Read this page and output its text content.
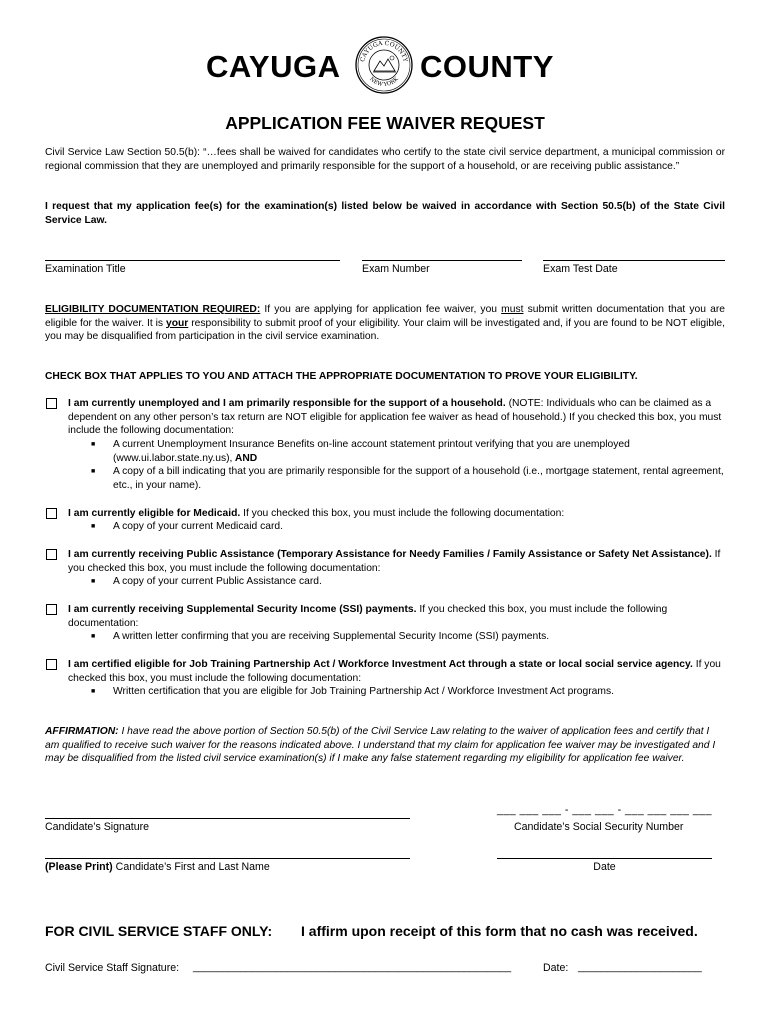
CAYUGA	CAYUGA COUNTY
NEW YORK COUNTY
APPLICATION FEE WAIVER REQUEST
Civil Service Law Section 50.5(b): “…fees shall be waived for candidates who certify to the state civil service department, a municipal commission or regional commission that they are unemployed and primarily responsible for the support of a household, or are receiving public assistance.”
I request that my application fee(s) for the examination(s) listed below be waived in accordance with Section 50.5(b) of the State Civil Service Law.
Examination Title	Exam Number	Exam Test Date
ELIGIBILITY DOCUMENTATION REQUIRED: If you are applying for application fee waiver, you must submit written documentation that you are eligible for the waiver. It is your responsibility to submit proof of your eligibility. Your claim will be investigated and, if you are found to be NOT eligible, you may be disqualified from participation in the civil service examination.
CHECK BOX THAT APPLIES TO YOU AND ATTACH THE APPROPRIATE DOCUMENTATION TO PROVE YOUR ELIGIBILITY.
I am currently unemployed and I am primarily responsible for the support of a household. (NOTE: Individuals who can be claimed as a dependent on any other person’s tax return are NOT eligible for application fee waiver as head of household.) If you checked this box, you must include the following documentation:
■ A current Unemployment Insurance Benefits on-line account statement printout verifying that you are unemployed (www.ui.labor.state.ny.us), AND
■ A copy of a bill indicating that you are primarily responsible for the support of a household (i.e., mortgage statement, rental agreement, etc., in your name).
I am currently eligible for Medicaid. If you checked this box, you must include the following documentation:
■ A copy of your current Medicaid card.
I am currently receiving Public Assistance (Temporary Assistance for Needy Families / Family Assistance or Safety Net Assistance). If you checked this box, you must include the following documentation:
■ A copy of your current Public Assistance card.
I am currently receiving Supplemental Security Income (SSI) payments. If you checked this box, you must include the following documentation:
■ A written letter confirming that you are receiving Supplemental Security Income (SSI) payments.
I am certified eligible for Job Training Partnership Act / Workforce Investment Act through a state or local social service agency. If you checked this box, you must include the following documentation:
■ Written certification that you are eligible for Job Training Partnership Act / Workforce Investment Act programs.
AFFIRMATION: I have read the above portion of Section 50.5(b) of the Civil Service Law relating to the waiver of application fees and certify that I am qualified to receive such waiver for the reasons indicated above. I understand that my claim for application fee waiver may be investigated and I may be disqualified from the listed civil service examination(s) if I make any false statement regarding my eligibility for application fee waiver.
Candidate’s Signature
___ ___ ___ - ___ ___ - ___ ___ ___ ___
Candidate’s Social Security Number
(Please Print) Candidate’s First and Last Name	Date
FOR CIVIL SERVICE STAFF ONLY: I affirm upon receipt of this form that no cash was received.
Civil Service Staff Signature: ______________________________________________________	Date: _____________________
